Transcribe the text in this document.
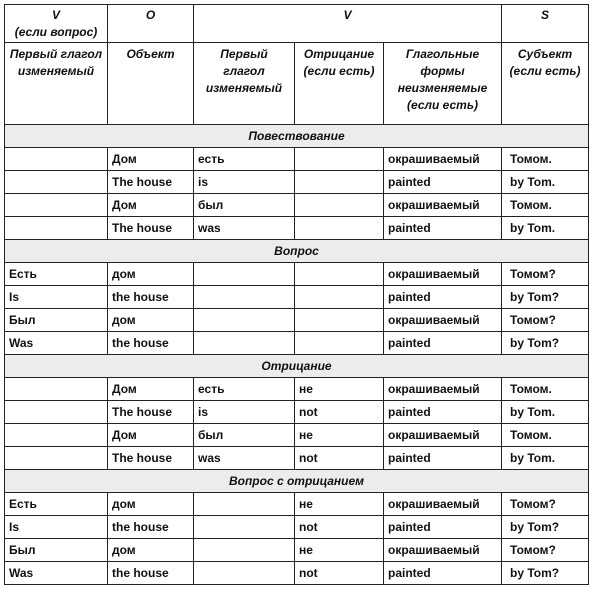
V
(если вопрос)	O	V			S
Первый глагол изменяемый	Объект	Первый глагол изменяемый	Отрицание (если есть)	Глагольные формы неизменяемые (если есть)	Субъект (если есть)
Повествование					
	Дом	есть		окрашиваемый	Томом.
	The house	is		painted	by Tom.
	Дом	был		окрашиваемый	Томом.
	The house	was		painted	by Tom.
Вопрос					
Есть	дом			окрашиваемый	Томом?
Is	the house			painted	by Tom?
Был	дом			окрашиваемый	Томом?
Was	the house			painted	by Tom?
Отрицание					
	Дом	есть	не	окрашиваемый	Томом.
	The house	is	not	painted	by Tom.
	Дом	был	не	окрашиваемый	Томом.
	The house	was	not	painted	by Tom.
Вопрос с отрицанием					
Есть	дом		не	окрашиваемый	Томом?
Is	the house		not	painted	by Tom?
Был	дом		не	окрашиваемый	Томом?
Was	the house		not	painted	by Tom?
